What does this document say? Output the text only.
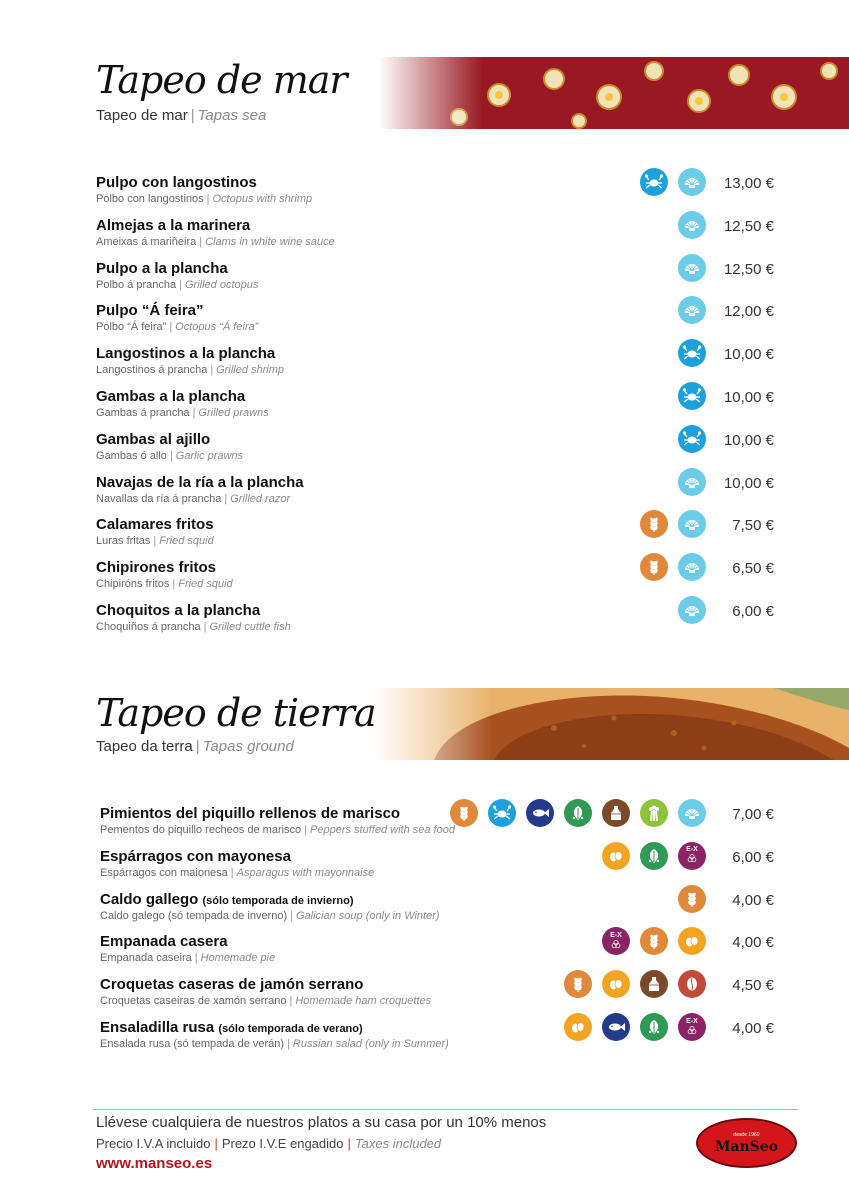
Tapeo de mar
Tapeo de mar | Tapas sea
Pulpo con langostinos
Polbo con langostinos | Octopus with shrimp
13,00 €
Almejas a la marinera
Ameixas á mariñeira | Clams in white wine sauce
12,50 €
Pulpo a la plancha
Polbo á prancha | Grilled octopus
12,50 €
Pulpo “Á feira”
Polbo “Á feira” | Octopus “Á feira”
12,00 €
Langostinos a la plancha
Langostinos á prancha | Grilled shrimp
10,00 €
Gambas a la plancha
Gambas á prancha | Grilled prawns
10,00 €
Gambas al ajillo
Gambas ó allo | Garlic prawns
10,00 €
Navajas de la ría a la plancha
Navallas da ría á prancha | Grilled razor
10,00 €
Calamares fritos
Luras fritas | Fried squid
7,50 €
Chipirones fritos
Chipiróns fritos | Fried squid
6,50 €
Choquitos a la plancha
Choquiños á prancha | Grilled cuttle fish
6,00 €
Tapeo de tierra
Tapeo da terra | Tapas ground
Pimientos del piquillo rellenos de marisco
Pementos do piquillo recheos de marisco | Peppers stuffed with sea food
7,00 €
Espárragos con mayonesa
Espárragos con maionesa | Asparagus with mayonnaise
E-X 6,00 €
Caldo gallego (sólo temporada de invierno)
Caldo galego (só tempada de inverno) | Galician soup (only in Winter)
4,00 €
Empanada casera
Empanada caseira | Homemade pie
E-X	4,00 €
Croquetas caseras de jamón serrano
Croquetas caseiras de xamón serrano | Homemade ham croquettes
4,50 €
Ensaladilla rusa (sólo temporada de verano)
Ensalada rusa (só tempada de verán) | Russian salad (only in Summer)
E-X 4,00 €
Llévese cualquiera de nuestros platos a su casa por un 10% menos
Precio I.V.A incluido | Prezo I.V.E engadido | Taxes included
www.manseo.es
desde 1960
ManSeo
